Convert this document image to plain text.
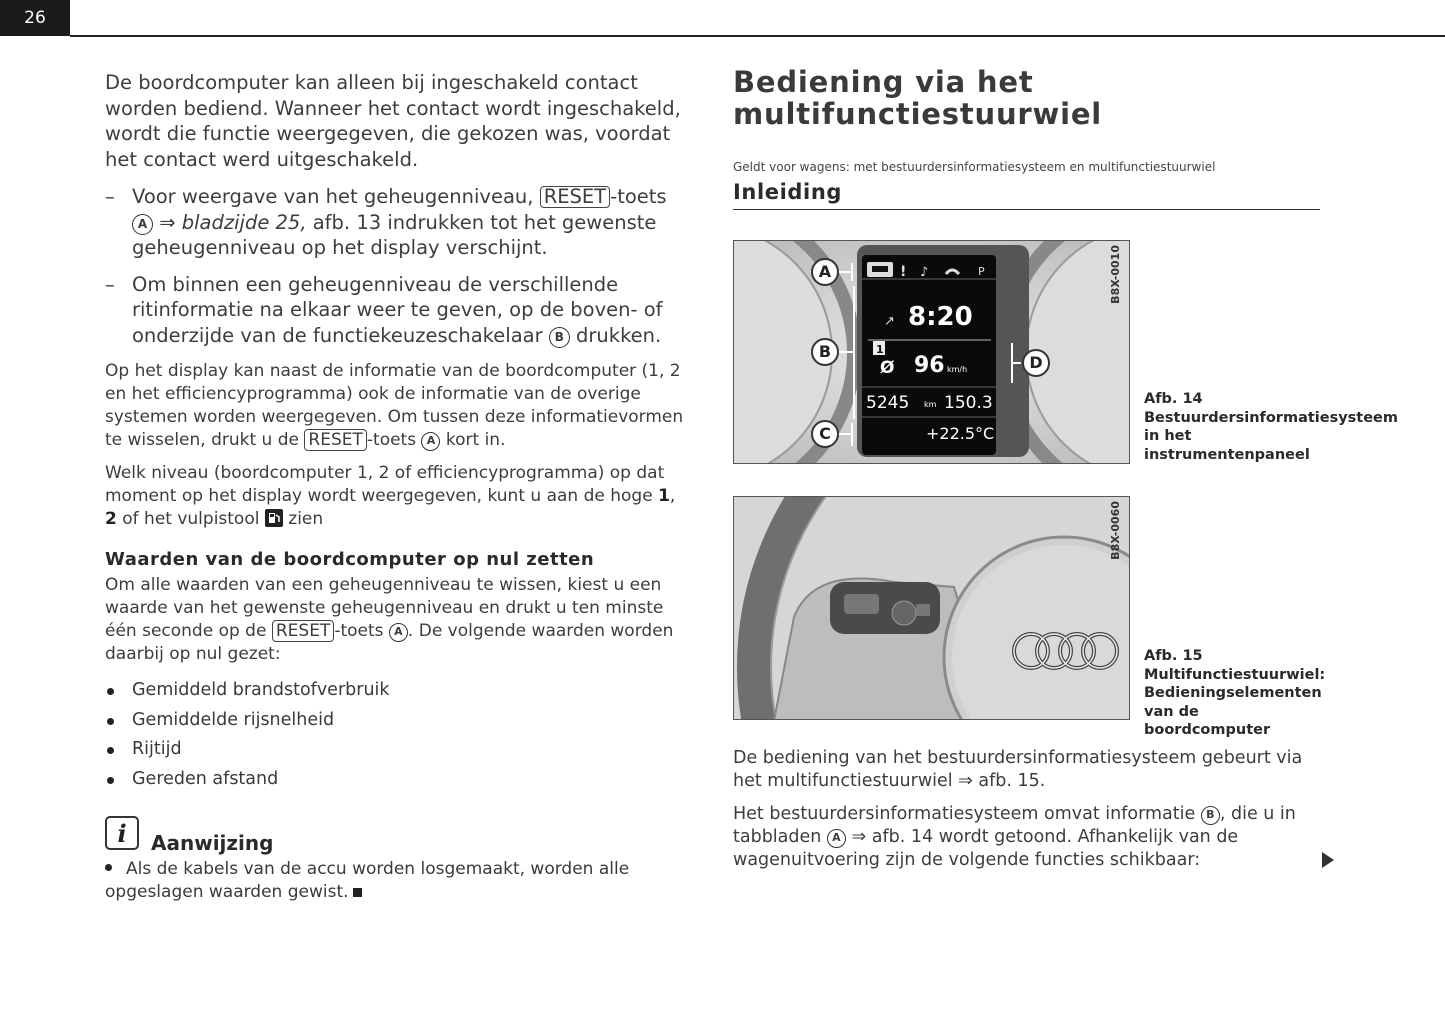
26

De boordcomputer kan alleen bij ingeschakeld contact worden bediend. Wanneer het contact wordt ingeschakeld, wordt die functie weergegeven, die gekozen was, voordat het contact werd uitgeschakeld.

– Voor weergave van het geheugenniveau, RESET -toets A ⇒ bladzijde 25, afb. 13 indrukken tot het gewenste geheugenniveau op het display verschijnt.
– Om binnen een geheugenniveau de verschillende ritinformatie na elkaar weer te geven, op de boven- of onderzijde van de functiekeuzeschakelaar B drukken.

Op het display kan naast de informatie van de boordcomputer (1, 2 en het efficiencyprogramma) ook de informatie van de overige systemen worden weergegeven. Om tussen deze informatievormen te wisselen, drukt u de RESET -toets A kort in.

Welk niveau (boordcomputer 1, 2 of efficiencyprogramma) op dat moment op het display wordt weergegeven, kunt u aan de hoge 1, 2 of het vulpistool zien

Waarden van de boordcomputer op nul zetten

Om alle waarden van een geheugenniveau te wissen, kiest u een waarde van het gewenste geheugenniveau en drukt u ten minste één seconde op de RESET -toets A . De volgende waarden worden daarbij op nul gezet:

Gemiddeld brandstofverbruik
Gemiddelde rijsnelheid
Rijtijd
Gereden afstand
i	Aanwijzing

Als de kabels van de accu worden losgemaakt, worden alle opgeslagen waarden gewist.

Bediening via het multifunctiestuurwiel
Geldt voor wagens: met bestuurdersinformatiesysteem en multifunctiestuurwiel
Inleiding
! ♪	P
↗
1
A
B
C
D
8:20
Ø 96 km/h
5245 km 150.3
+22.5°C
B8X-0010
Afb. 14  Bestuurdersinformatiesysteem in het instrumentenpaneel
B8X-0060
Afb. 15  Multifunctiestuurwiel: Bedieningselementen van de boordcomputer

De bediening van het bestuurdersinformatiesysteem gebeurt via het multifunctiestuurwiel ⇒ afb. 15.

Het bestuurdersinformatiesysteem omvat informatie B , die u in tabbladen A ⇒ afb. 14 wordt getoond. Afhankelijk van de wagenuitvoering zijn de volgende functies schikbaar:
